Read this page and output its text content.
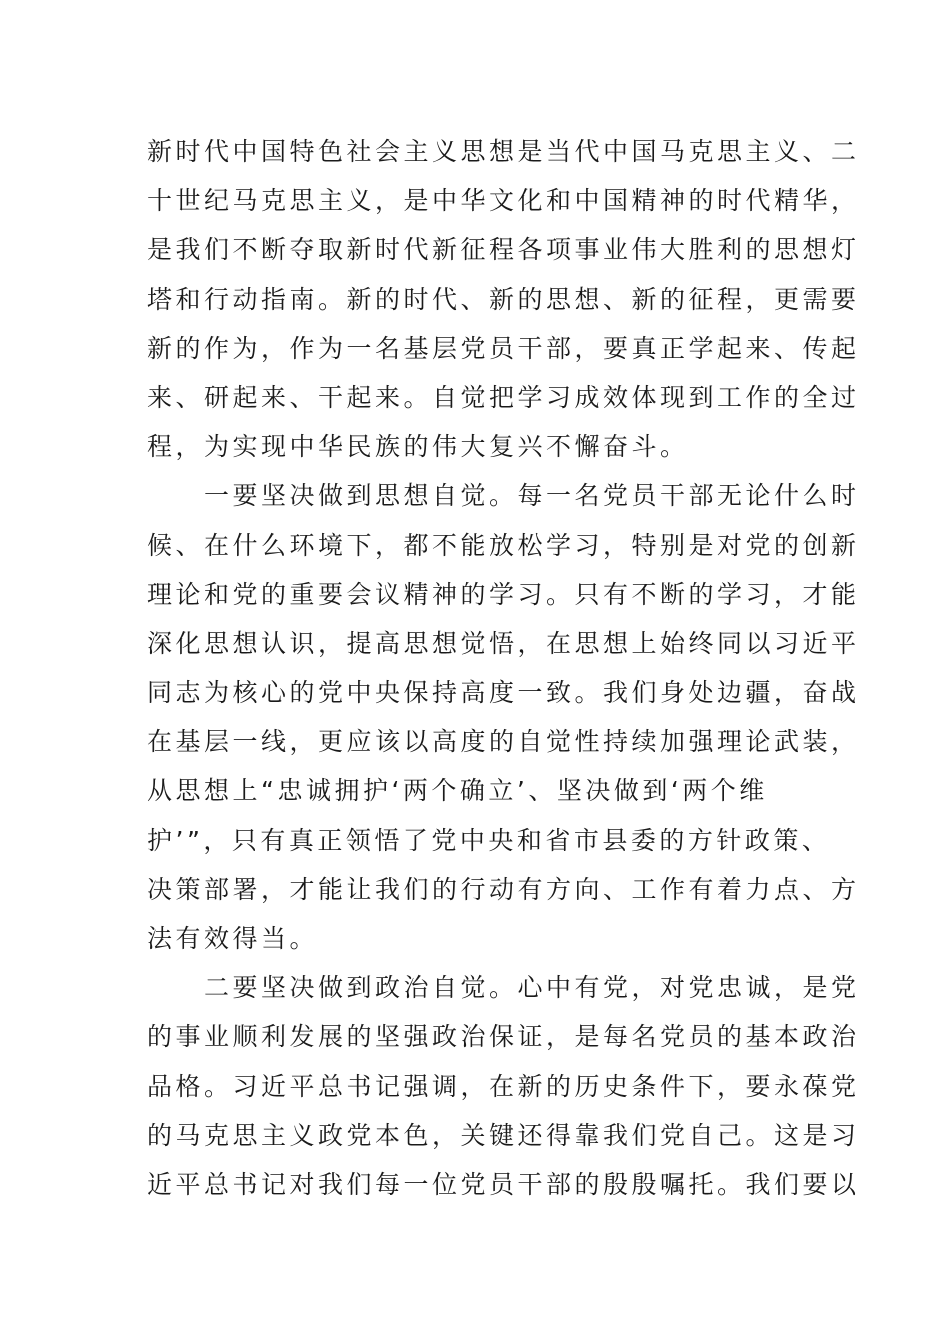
新时代中国特色社会主义思想是当代中国马克思主义、二
十世纪马克思主义，是中华文化和中国精神的时代精华，
是我们不断夺取新时代新征程各项事业伟大胜利的思想灯
塔和行动指南。新的时代、新的思想、新的征程，更需要
新的作为，作为一名基层党员干部，要真正学起来、传起
来、研起来、干起来。自觉把学习成效体现到工作的全过
程，为实现中华民族的伟大复兴不懈奋斗。
一要坚决做到思想自觉。每一名党员干部无论什么时
候、在什么环境下，都不能放松学习，特别是对党的创新
理论和党的重要会议精神的学习。只有不断的学习，才能
深化思想认识，提高思想觉悟，在思想上始终同以习近平
同志为核心的党中央保持高度一致。我们身处边疆，奋战
在基层一线，更应该以高度的自觉性持续加强理论武装，
从思想上“忠诚拥护‘两个确立’、坚决做到‘两个维
护’”，只有真正领悟了党中央和省市县委的方针政策、
决策部署，才能让我们的行动有方向、工作有着力点、方
法有效得当。
二要坚决做到政治自觉。心中有党，对党忠诚，是党
的事业顺利发展的坚强政治保证，是每名党员的基本政治
品格。习近平总书记强调，在新的历史条件下，要永葆党
的马克思主义政党本色，关键还得靠我们党自己。这是习
近平总书记对我们每一位党员干部的殷殷嘱托。我们要以
